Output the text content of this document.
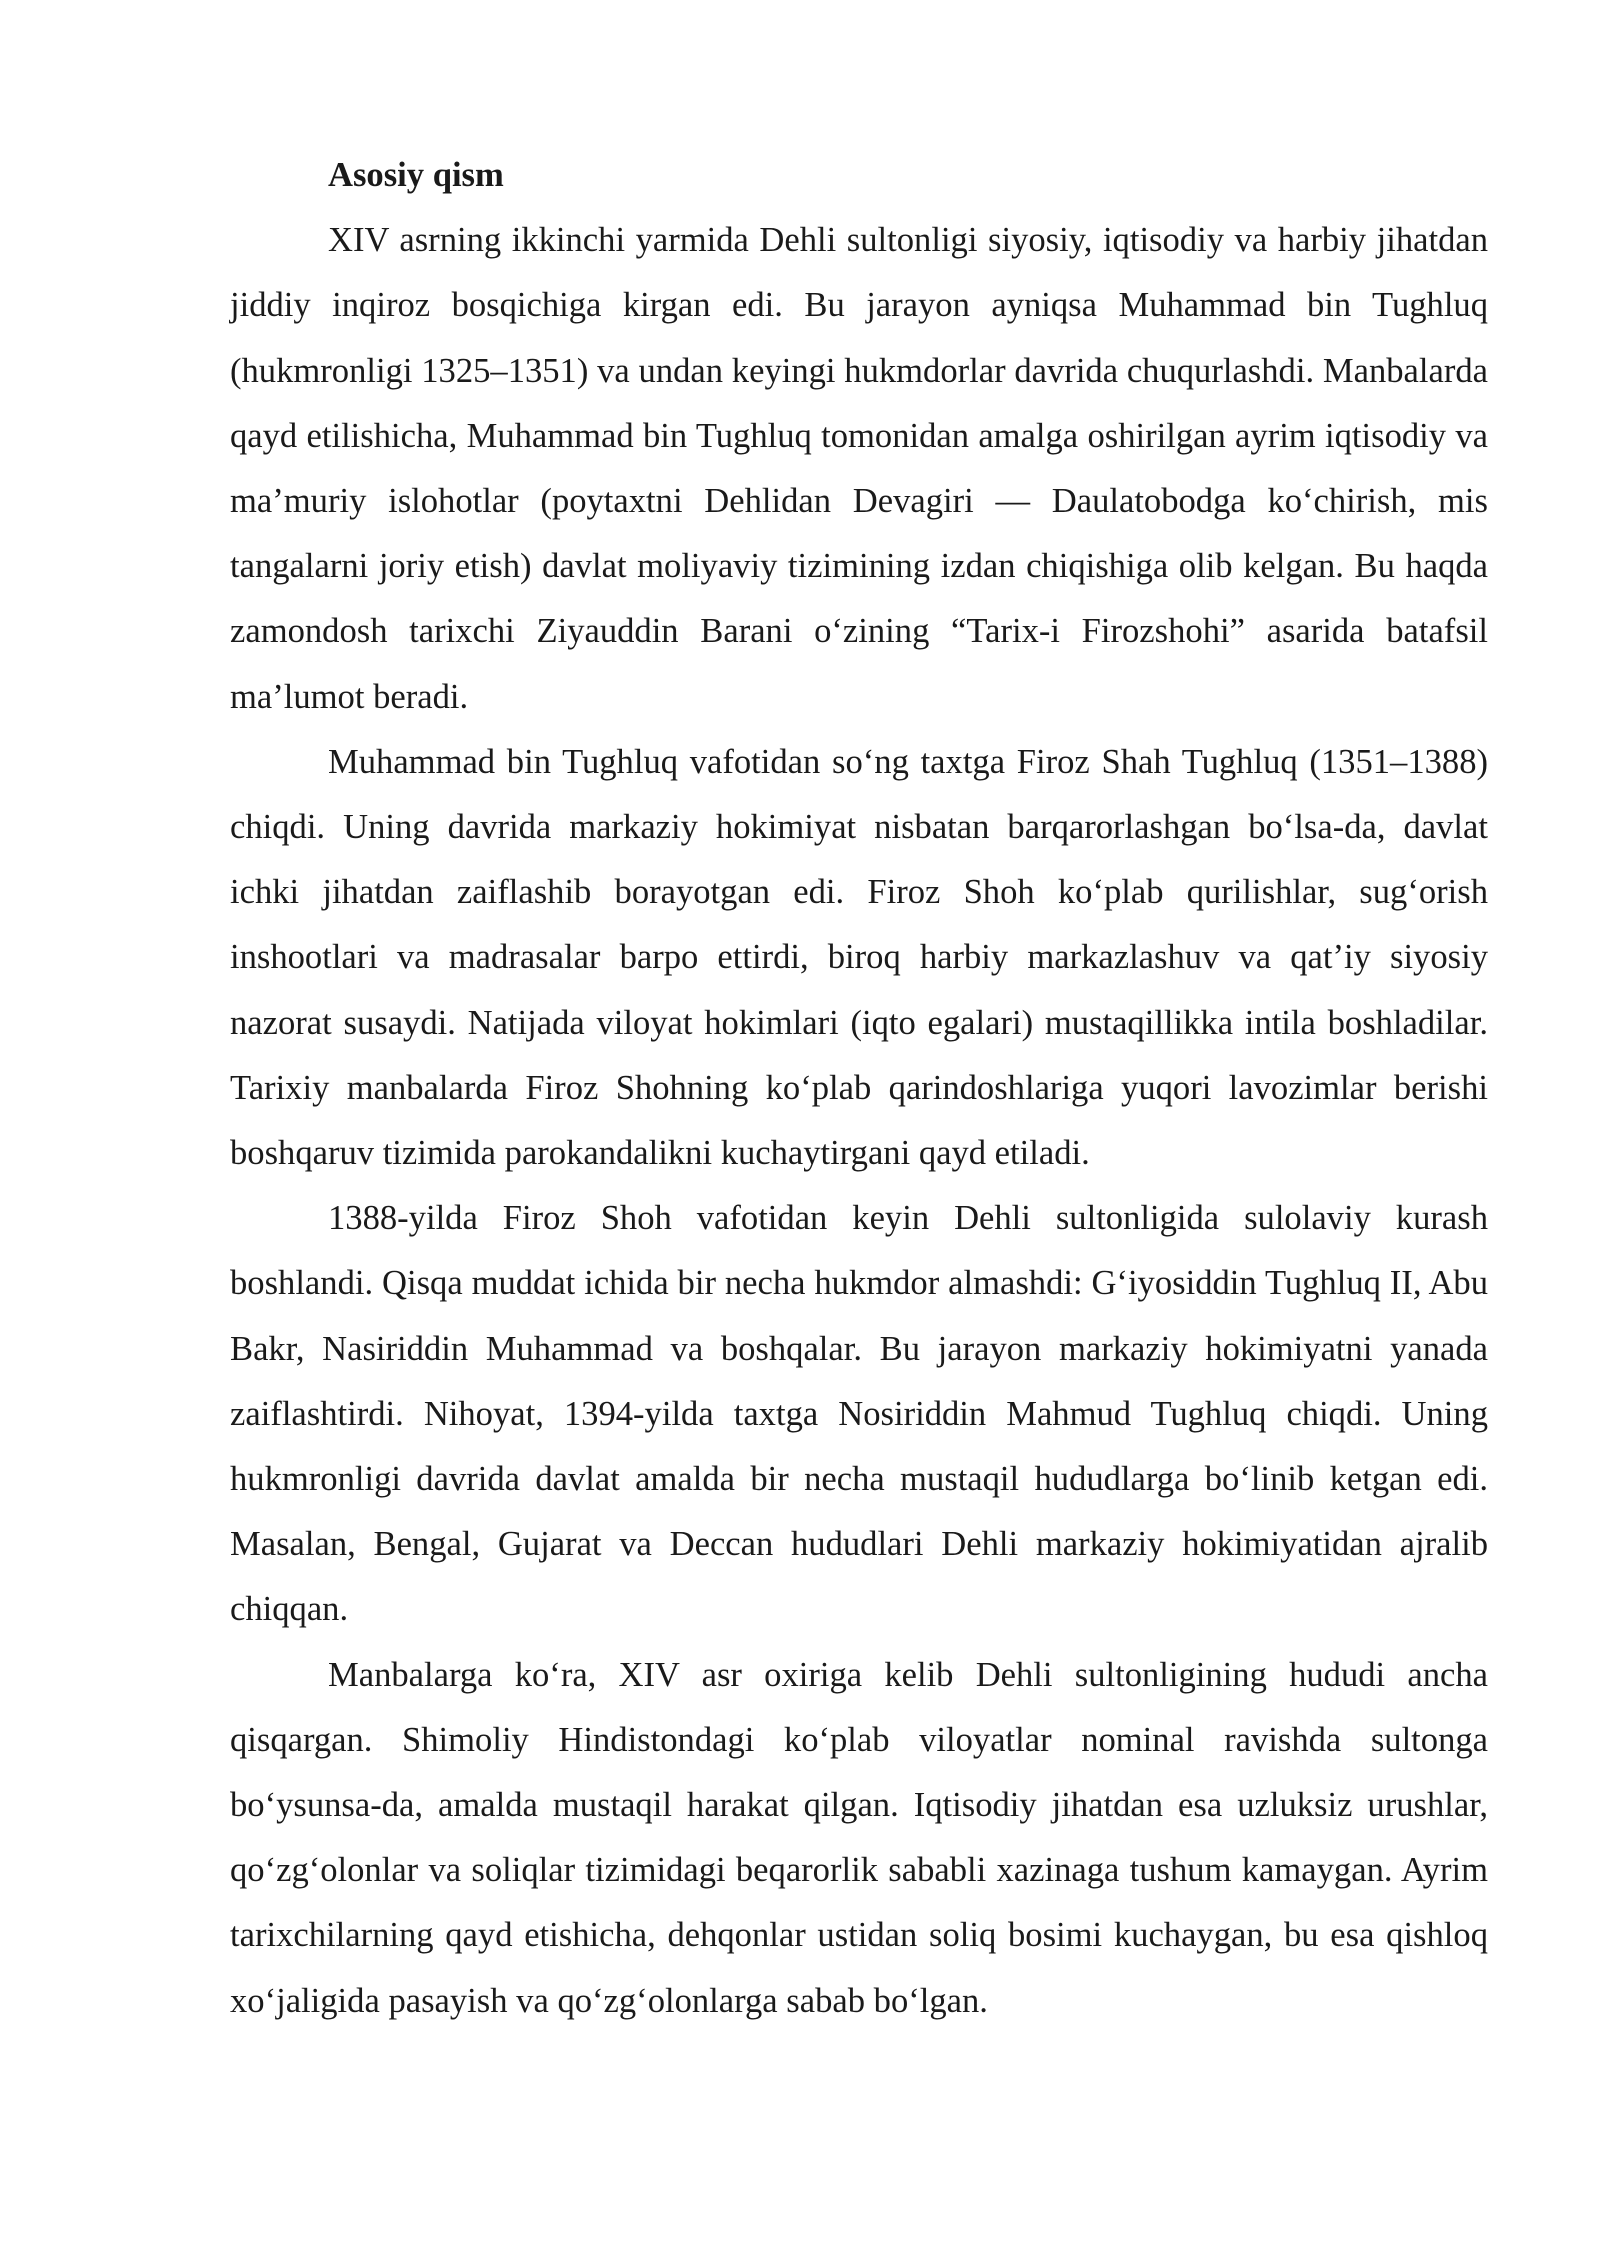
Asosiy qism

XIV asrning ikkinchi yarmida Dehli sultonligi siyosiy, iqtisodiy va harbiy jihatdan jiddiy inqiroz bosqichiga kirgan edi. Bu jarayon ayniqsa Muhammad bin Tughluq (hukmronligi 1325–1351) va undan keyingi hukmdorlar davrida chuqurlashdi. Manbalarda qayd etilishicha, Muhammad bin Tughluq tomonidan amalga oshirilgan ayrim iqtisodiy va ma’muriy islohotlar (poytaxtni Dehlidan Devagiri — Daulatobodga ko‘chirish, mis tangalarni joriy etish) davlat moliyaviy tizimining izdan chiqishiga olib kelgan. Bu haqda zamondosh tarixchi Ziyauddin Barani o‘zining “Tarix-i Firozshohi” asarida batafsil ma’lumot beradi.

Muhammad bin Tughluq vafotidan so‘ng taxtga Firoz Shah Tughluq (1351–1388) chiqdi. Uning davrida markaziy hokimiyat nisbatan barqarorlashgan bo‘lsa-da, davlat ichki jihatdan zaiflashib borayotgan edi. Firoz Shoh ko‘plab qurilishlar, sug‘orish inshootlari va madrasalar barpo ettirdi, biroq harbiy markazlashuv va qat’iy siyosiy nazorat susaydi. Natijada viloyat hokimlari (iqto egalari) mustaqillikka intila boshladilar. Tarixiy manbalarda Firoz Shohning ko‘plab qarindoshlariga yuqori lavozimlar berishi boshqaruv tizimida parokandalikni kuchaytirgani qayd etiladi.

1388-yilda Firoz Shoh vafotidan keyin Dehli sultonligida sulolaviy kurash boshlandi. Qisqa muddat ichida bir necha hukmdor almashdi: G‘iyosiddin Tughluq II, Abu Bakr, Nasiriddin Muhammad va boshqalar. Bu jarayon markaziy hokimiyatni yanada zaiflashtirdi. Nihoyat, 1394-yilda taxtga Nosiriddin Mahmud Tughluq chiqdi. Uning hukmronligi davrida davlat amalda bir necha mustaqil hududlarga bo‘linib ketgan edi. Masalan, Bengal, Gujarat va Deccan hududlari Dehli markaziy hokimiyatidan ajralib chiqqan.

Manbalarga ko‘ra, XIV asr oxiriga kelib Dehli sultonligining hududi ancha qisqargan. Shimoliy Hindistondagi ko‘plab viloyatlar nominal ravishda sultonga bo‘ysunsa-da, amalda mustaqil harakat qilgan. Iqtisodiy jihatdan esa uzluksiz urushlar, qo‘zg‘olonlar va soliqlar tizimidagi beqarorlik sababli xazinaga tushum kamaygan. Ayrim tarixchilarning qayd etishicha, dehqonlar ustidan soliq bosimi kuchaygan, bu esa qishloq xo‘jaligida pasayish va qo‘zg‘olonlarga sabab bo‘lgan.
